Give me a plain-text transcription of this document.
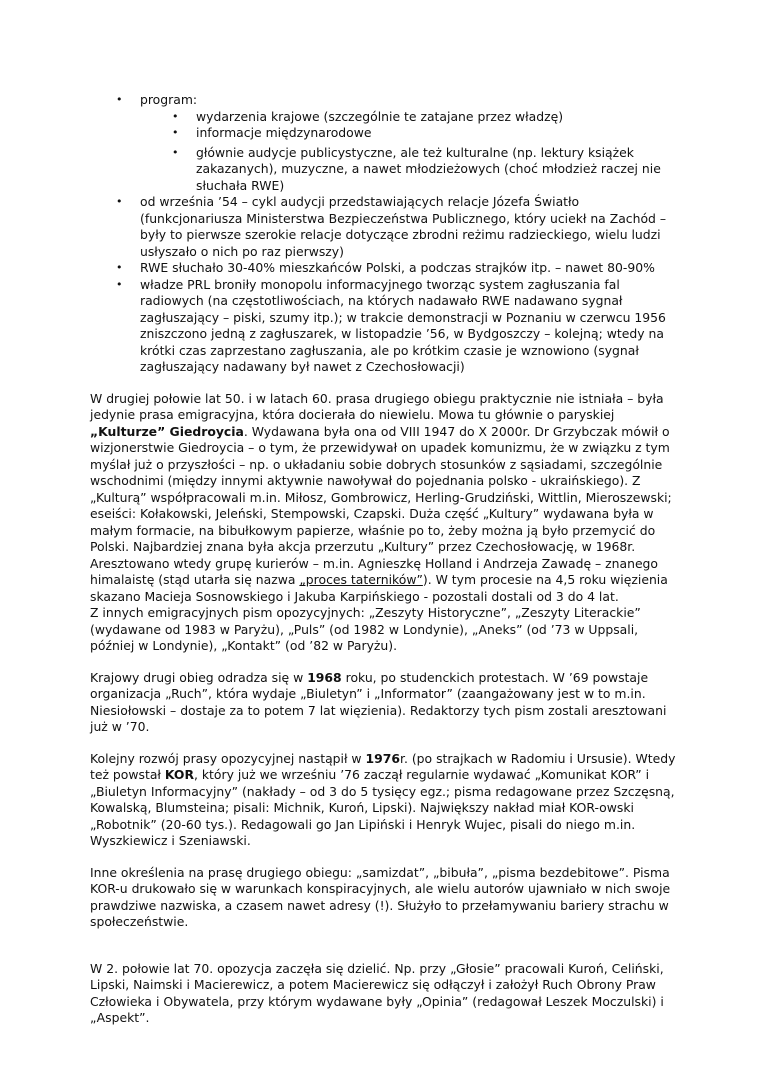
• program:
• wydarzenia krajowe (szczególnie te zatajane przez władzę)
• informacje międzynarodowe
• głównie audycje publicystyczne, ale też kulturalne (np. lektury książek zakazanych), muzyczne, a nawet młodzieżowych (choć młodzież raczej nie słuchała RWE)
• od września ’54 – cykl audycji przedstawiających relacje Józefa Światło (funkcjonariusza Ministerstwa Bezpieczeństwa Publicznego, który uciekł na Zachód – były to pierwsze szerokie relacje dotyczące zbrodni reżimu radzieckiego, wielu ludzi usłyszało o nich po raz pierwszy)
• RWE słuchało 30-40% mieszkańców Polski, a podczas strajków itp. – nawet 80-90%
• władze PRL broniły monopolu informacyjnego tworząc system zagłuszania fal radiowych (na częstotliwościach, na których nadawało RWE nadawano sygnał zagłuszający – piski, szumy itp.); w trakcie demonstracji w Poznaniu w czerwcu 1956 zniszczono jedną z zagłuszarek, w listopadzie ’56, w Bydgoszczy – kolejną; wtedy na krótki czas zaprzestano zagłuszania, ale po krótkim czasie je wznowiono (sygnał zagłuszający nadawany był nawet z Czechosłowacji)

W drugiej połowie lat 50. i w latach 60. prasa drugiego obiegu praktycznie nie istniała – była jedynie prasa emigracyjna, która docierała do niewielu. Mowa tu głównie o paryskiej „Kulturze” Giedroycia. Wydawana była ona od VIII 1947 do X 2000r. Dr Grzybczak mówił o wizjonerstwie Giedroycia – o tym, że przewidywał on upadek komunizmu, że w związku z tym myślał już o przyszłości – np. o układaniu sobie dobrych stosunków z sąsiadami, szczególnie wschodnimi (między innymi aktywnie nawoływał do pojednania polsko - ukraińskiego). Z „Kulturą” współpracowali m.in. Miłosz, Gombrowicz, Herling-Grudziński, Wittlin, Mieroszewski; eseiści: Kołakowski, Jeleński, Stempowski, Czapski. Duża część „Kultury” wydawana była w małym formacie, na bibułkowym papierze, właśnie po to, żeby można ją było przemycić do Polski. Najbardziej znana była akcja przerzutu „Kultury” przez Czechosłowację, w 1968r. Aresztowano wtedy grupę kurierów – m.in. Agnieszkę Holland i Andrzeja Zawadę – znanego himalaistę (stąd utarła się nazwa „proces taterników”). W tym procesie na 4,5 roku więzienia skazano Macieja Sosnowskiego i Jakuba Karpińskiego - pozostali dostali od 3 do 4 lat.
Z innych emigracyjnych pism opozycyjnych: „Zeszyty Historyczne”, „Zeszyty Literackie” (wydawane od 1983 w Paryżu), „Puls” (od 1982 w Londynie), „Aneks” (od ’73 w Uppsali, później w Londynie), „Kontakt” (od ’82 w Paryżu).

Krajowy drugi obieg odradza się w 1968 roku, po studenckich protestach. W ’69 powstaje organizacja „Ruch”, która wydaje „Biuletyn” i „Informator” (zaangażowany jest w to m.in. Niesiołowski – dostaje za to potem 7 lat więzienia). Redaktorzy tych pism zostali aresztowani już w ’70.

Kolejny rozwój prasy opozycyjnej nastąpił w 1976r. (po strajkach w Radomiu i Ursusie). Wtedy też powstał KOR, który już we wrześniu ’76 zaczął regularnie wydawać „Komunikat KOR” i „Biuletyn Informacyjny” (nakłady – od 3 do 5 tysięcy egz.; pisma redagowane przez Szczęsną, Kowalską, Blumsteina; pisali: Michnik, Kuroń, Lipski). Największy nakład miał KOR-owski „Robotnik” (20-60 tys.). Redagowali go Jan Lipiński i Henryk Wujec, pisali do niego m.in. Wyszkiewicz i Szeniawski.

Inne określenia na prasę drugiego obiegu: „samizdat”, „bibuła”, „pisma bezdebitowe”. Pisma KOR-u drukowało się w warunkach konspiracyjnych, ale wielu autorów ujawniało w nich swoje prawdziwe nazwiska, a czasem nawet adresy (!). Służyło to przełamywaniu bariery strachu w społeczeństwie.

W 2. połowie lat 70. opozycja zaczęła się dzielić. Np. przy „Głosie” pracowali Kuroń, Celiński, Lipski, Naimski i Macierewicz, a potem Macierewicz się odłączył i założył Ruch Obrony Praw Człowieka i Obywatela, przy którym wydawane były „Opinia” (redagował Leszek Moczulski) i „Aspekt”.
